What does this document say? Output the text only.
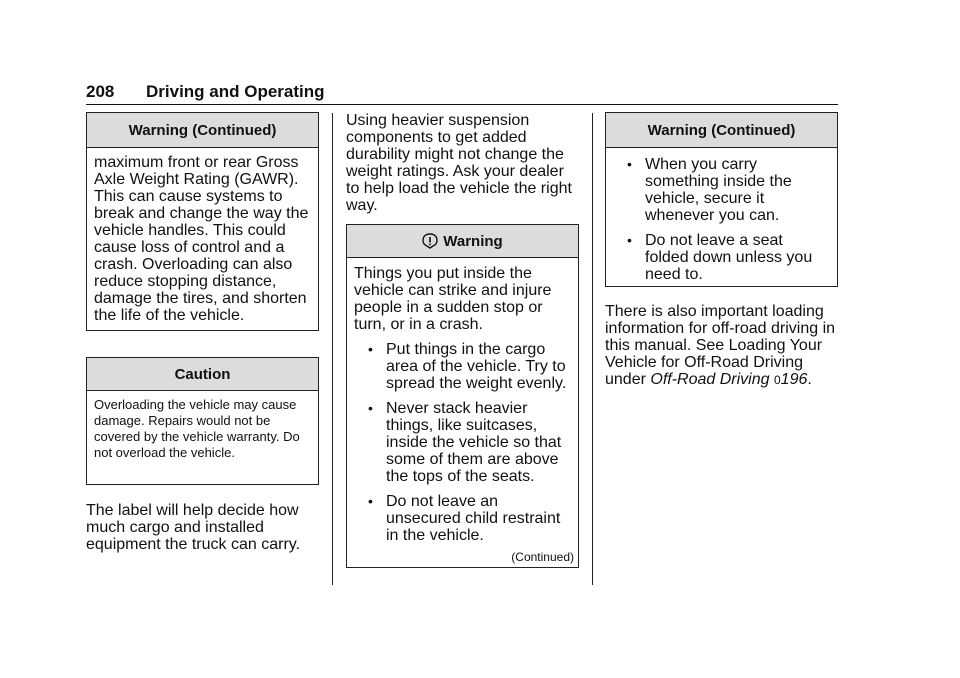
208 Driving and Operating
Warning (Continued)
maximum front or rear Gross Axle Weight Rating (GAWR). This can cause systems to break and change the way the vehicle handles. This could cause loss of control and a crash. Overloading can also reduce stopping distance, damage the tires, and shorten the life of the vehicle.
Caution
Overloading the vehicle may cause damage. Repairs would not be covered by the vehicle warranty. Do not overload the vehicle.
The label will help decide how much cargo and installed equipment the truck can carry.
Using heavier suspension components to get added durability might not change the weight ratings. Ask your dealer to help load the vehicle the right way.
Warning
Things you put inside the vehicle can strike and injure people in a sudden stop or turn, or in a crash.
• Put things in the cargo area of the vehicle. Try to spread the weight evenly.
• Never stack heavier things, like suitcases, inside the vehicle so that some of them are above the tops of the seats.
• Do not leave an unsecured child restraint in the vehicle.
(Continued)
Warning (Continued)
• When you carry something inside the vehicle, secure it whenever you can.
• Do not leave a seat folded down unless you need to.
There is also important loading information for off-road driving in this manual. See Loading Your Vehicle for Off-Road Driving under Off-Road Driving 0196.
